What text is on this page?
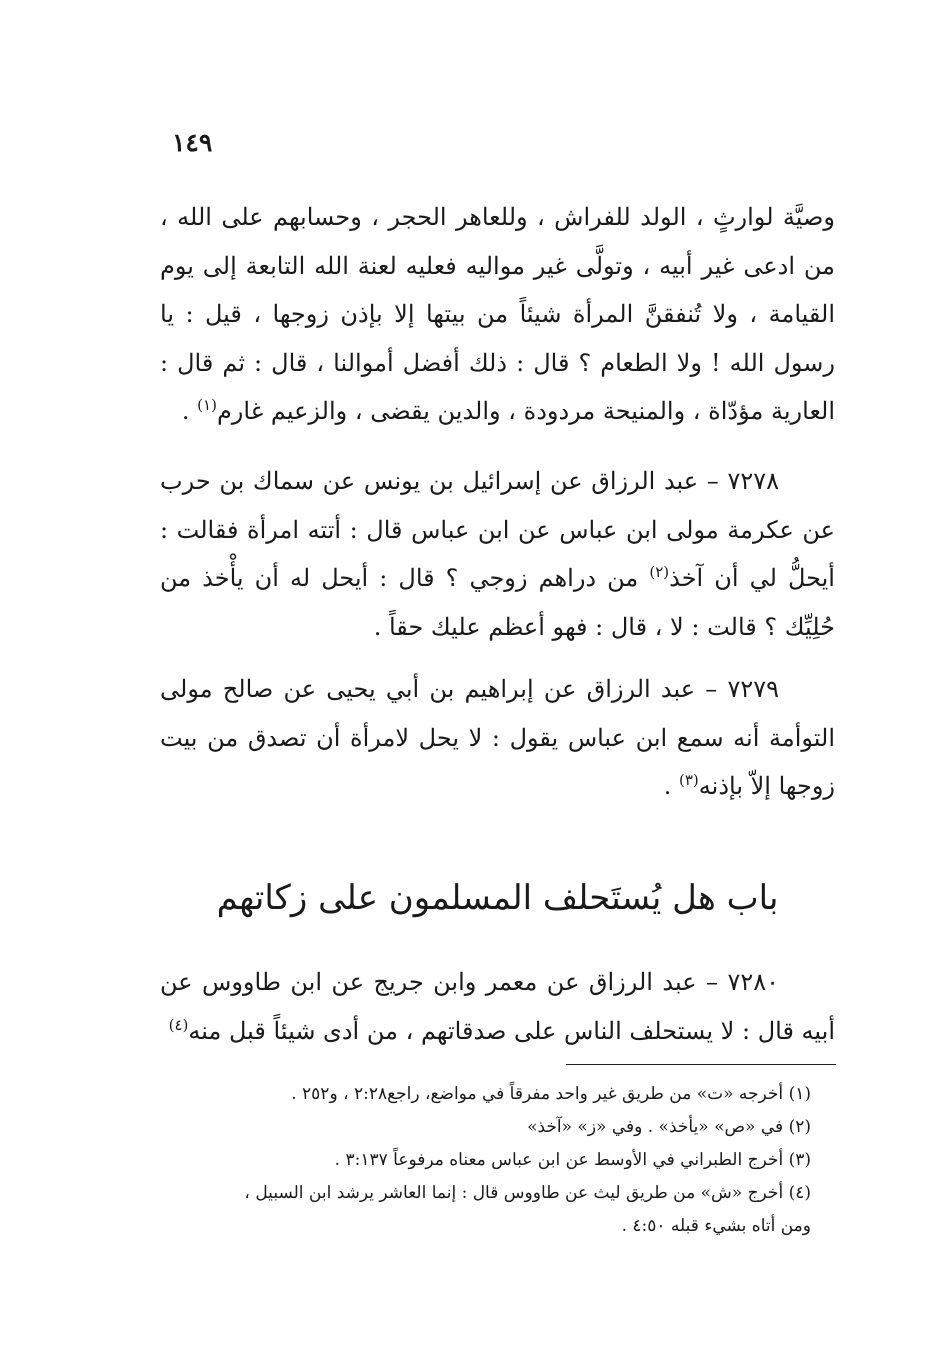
١٤٩

وصيَّة لوارثٍ ، الولد للفراش ، وللعاهر الحجر ، وحسابهم على الله ، من ادعى غير أبيه ، وتولَّى غير مواليه فعليه لعنة الله التابعة إلى يوم القيامة ، ولا تُنفقنَّ المرأة شيئاً من بيتها إلا بإذن زوجها ، قيل : يا رسول الله ! ولا الطعام ؟ قال : ذلك أفضل أموالنا ، قال : ثم قال : العارية مؤدّاة ، والمنيحة مردودة ، والدين يقضى ، والزعيم غارم$^{(١)}$ .

٧٢٧٨ – عبد الرزاق عن إسرائيل بن يونس عن سماك بن حرب عن عكرمة مولى ابن عباس عن ابن عباس قال : أتته امرأة فقالت : أيحلُّ لي أن آخذ$^{(٢)}$ من دراهم زوجي ؟ قال : أيحل له أن يأْخذ من حُلِيِّك ؟ قالت : لا ، قال : فهو أعظم عليك حقاً .

٧٢٧٩ – عبد الرزاق عن إبراهيم بن أبي يحيى عن صالح مولى التوأمة أنه سمع ابن عباس يقول : لا يحل لامرأة أن تصدق من بيت زوجها إلاّ بإذنه$^{(٣)}$ .

باب هل يُستَحلف المسلمون على زكاتهم

٧٢٨٠ – عبد الرزاق عن معمر وابن جريج عن ابن طاووس عن أبيه قال : لا يستحلف الناس على صدقاتهم ، من أدى شيئاً قبل منه$^{(٤)}$

(١) أخرجه «ت» من طريق غير واحد مفرقاً في مواضع، راجع٢:٢٨ ، و٢٥٢ .

(٢) في «ص» «يأخذ» . وفي «ز» «آخذ»

(٣) أخرج الطبراني في الأوسط عن ابن عباس معناه مرفوعاً ٣:١٣٧ .

(٤) أخرج «ش» من طريق ليث عن طاووس قال : إنما العاشر يرشد ابن السبيل ،
ومن أتاه بشيء قبله ٤:٥٠ .
